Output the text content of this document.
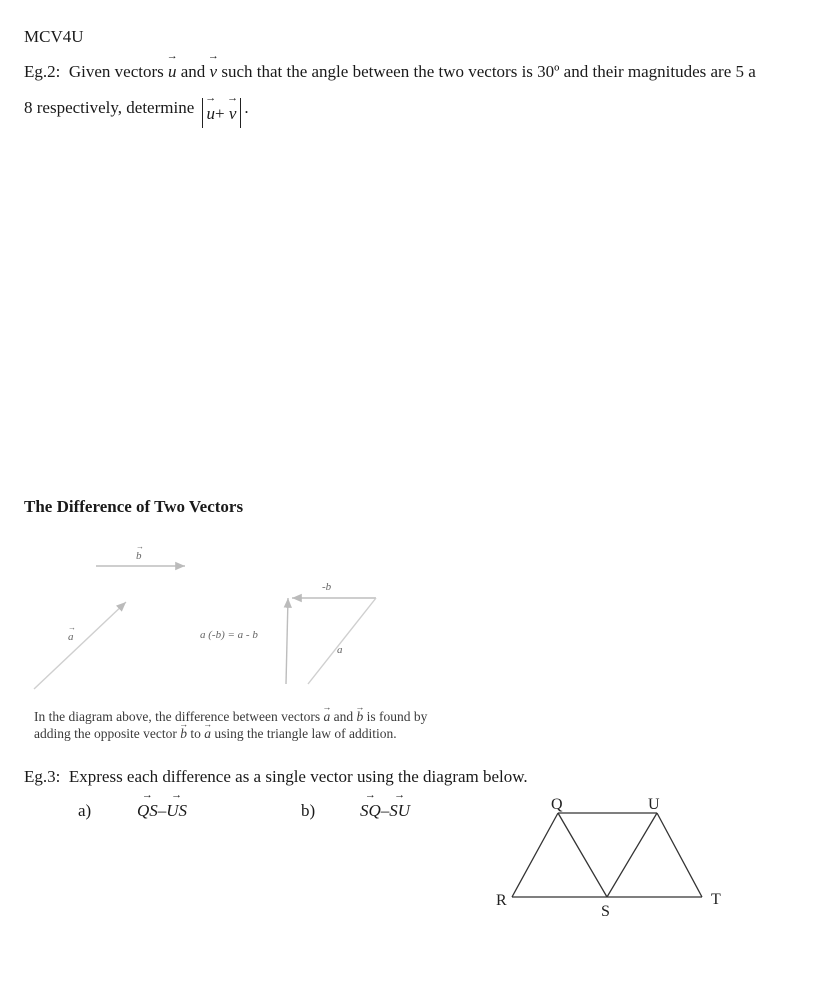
MCV4U
Eg.2: Given vectors → u and → v such that the angle between the two vectors is 30º and their magnitudes are 5 a
8 respectively, determine → u+ → v .
The Difference of Two Vectors
b
→
a
→
-b
a
a (-b) = a - b
In the diagram above, the difference between vectors → a and → b is found by
adding the opposite vector → b to → a using the triangle law of addition.
Eg.3: Express each difference as a single vector using the diagram below.
a)	→ QS–→ US	b)	→ SQ–→ SU	Q	U
R
S
T
